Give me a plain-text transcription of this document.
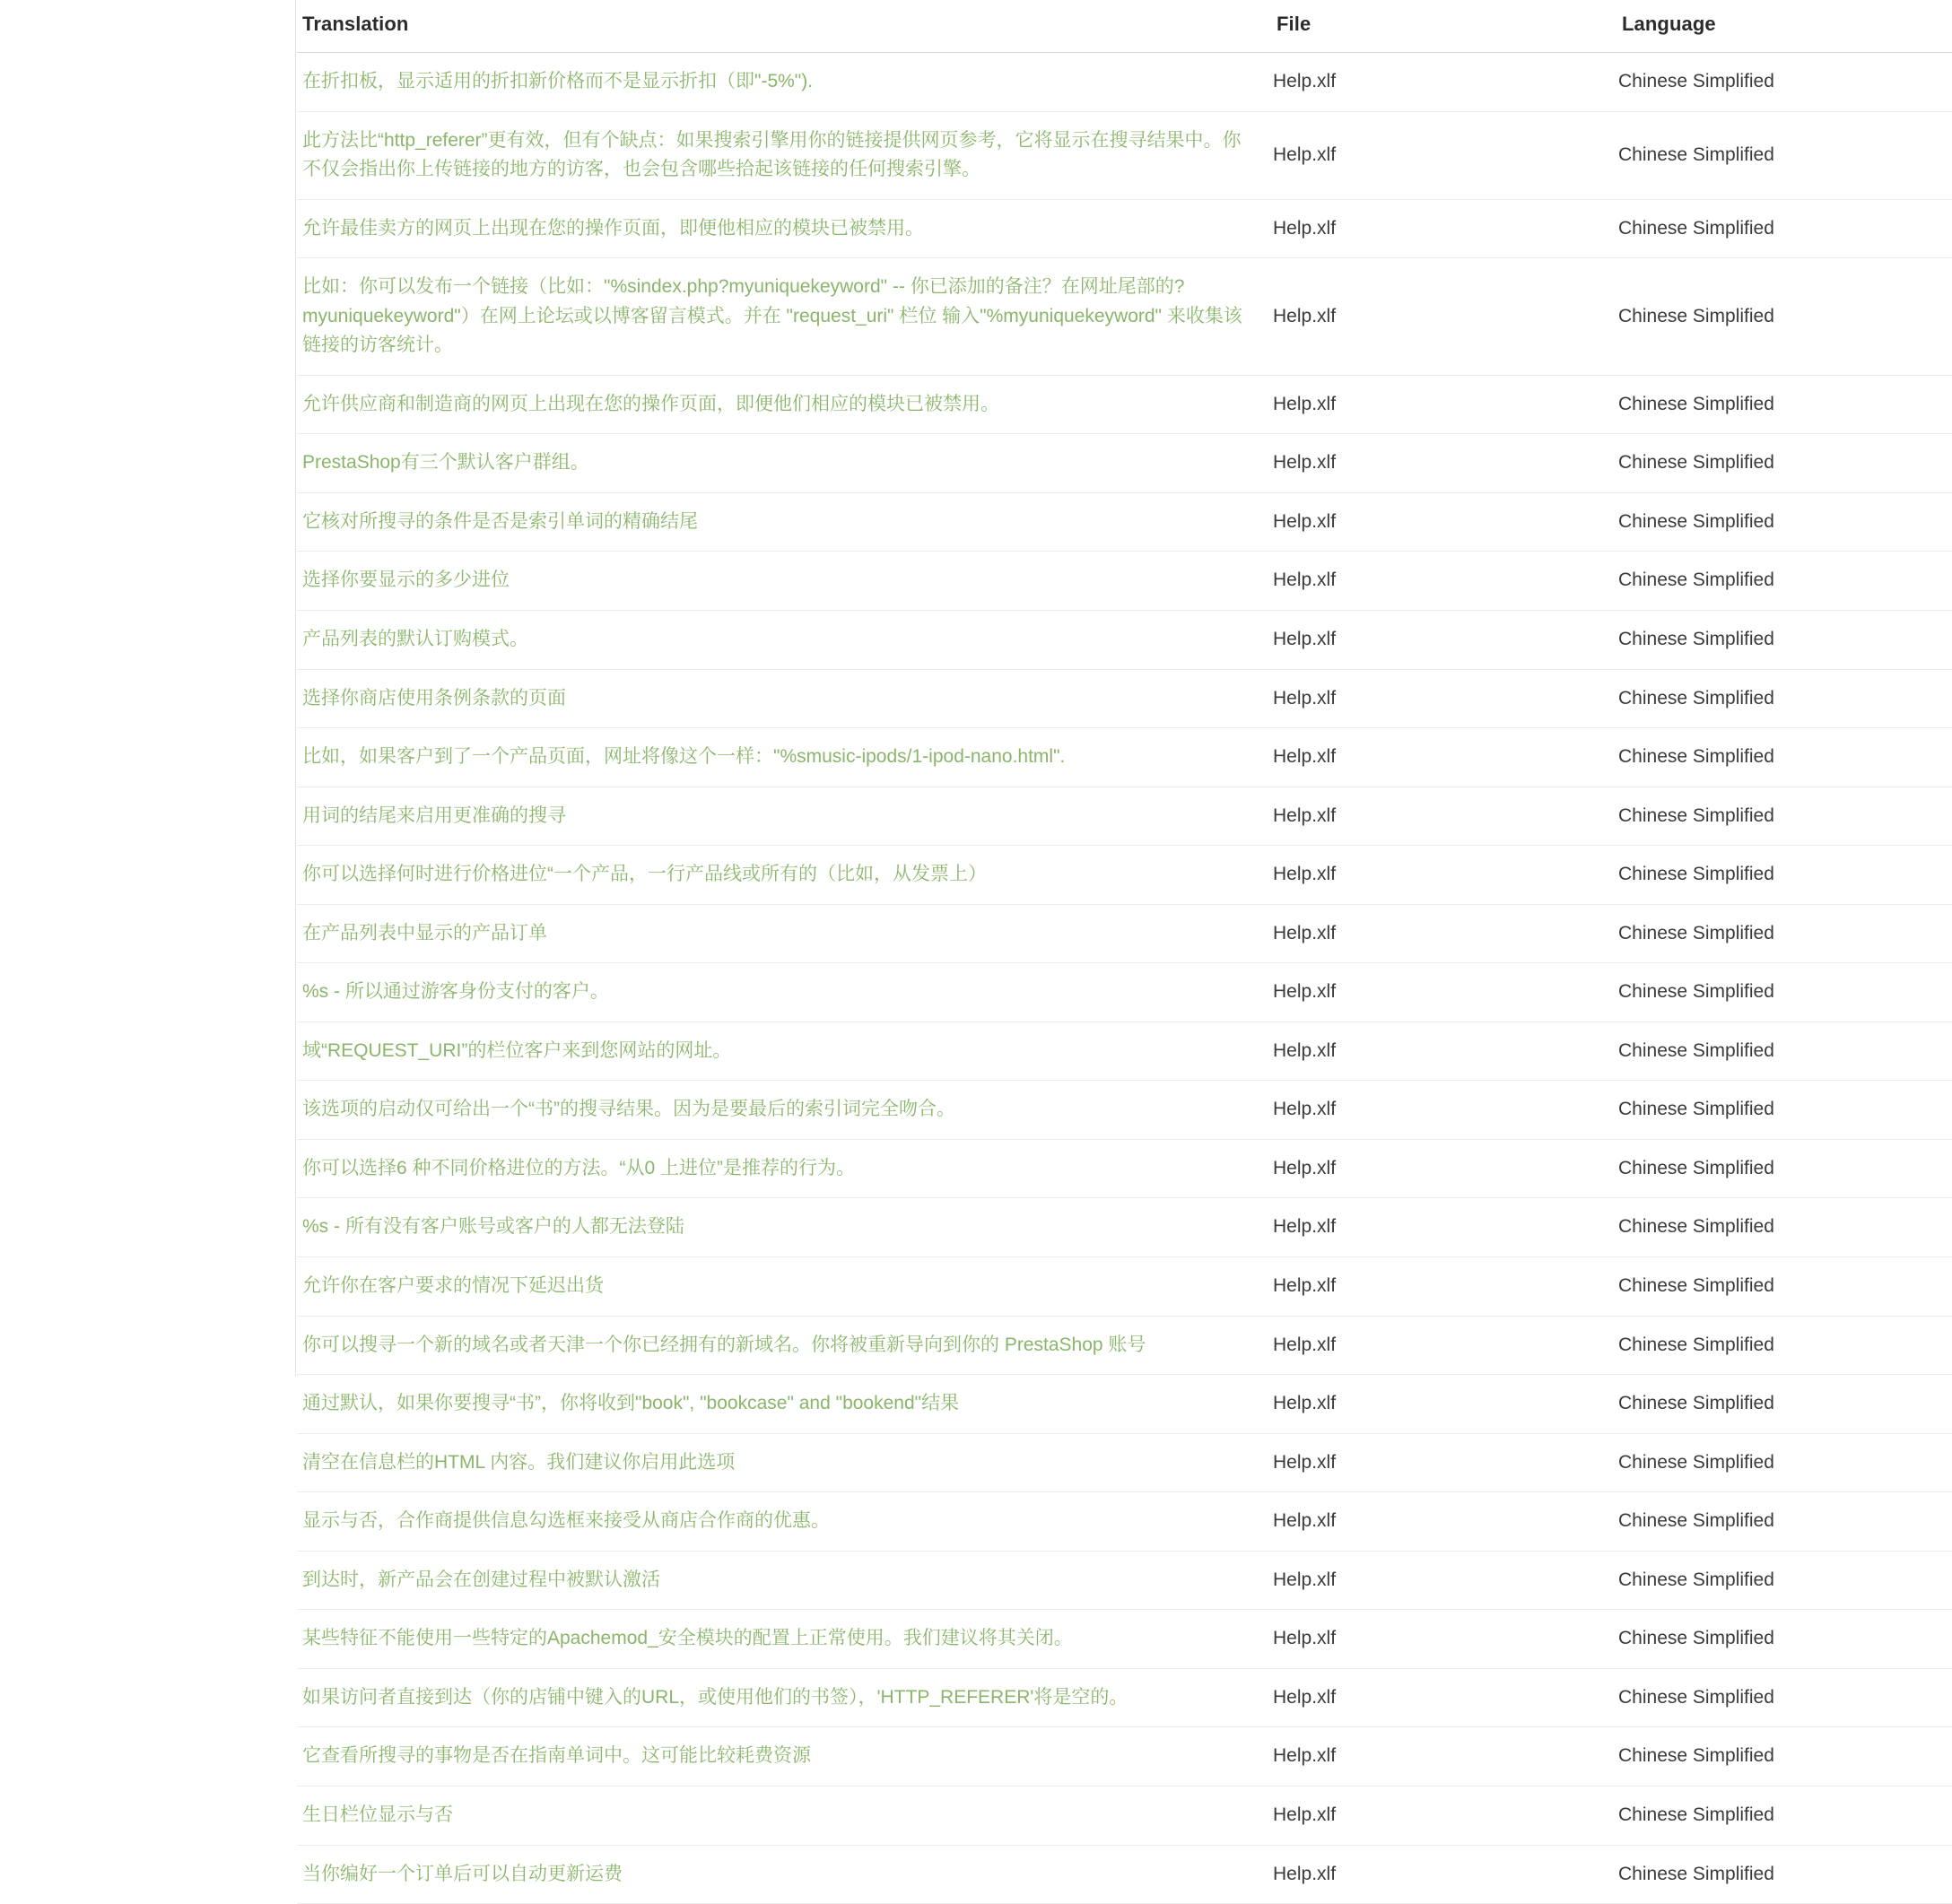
Translation	File	Language
在折扣板，显示适用的折扣新价格而不是显示折扣（即"-5%").	Help.xlf	Chinese Simplified
此方法比“http_referer”更有效，但有个缺点：如果搜索引擎用你的链接提供网页参考，它将显示在搜寻结果中。你不仅会指出你上传链接的地方的访客，也会包含哪些拾起该链接的任何搜索引擎。	Help.xlf	Chinese Simplified
允许最佳卖方的网页上出现在您的操作页面，即便他相应的模块已被禁用。	Help.xlf	Chinese Simplified
比如：你可以发布一个链接（比如："%sindex.php?myuniquekeyword" -- 你已添加的备注？在网址尾部的?myuniquekeyword"）在网上论坛或以博客留言模式。并在 "request_uri" 栏位 输入"%myuniquekeyword" 来收集该链接的访客统计。	Help.xlf	Chinese Simplified
允许供应商和制造商的网页上出现在您的操作页面，即便他们相应的模块已被禁用。	Help.xlf	Chinese Simplified
PrestaShop有三个默认客户群组。	Help.xlf	Chinese Simplified
它核对所搜寻的条件是否是索引单词的精确结尾	Help.xlf	Chinese Simplified
选择你要显示的多少进位	Help.xlf	Chinese Simplified
产品列表的默认订购模式。	Help.xlf	Chinese Simplified
选择你商店使用条例条款的页面	Help.xlf	Chinese Simplified
比如，如果客户到了一个产品页面，网址将像这个一样："%smusic-ipods/1-ipod-nano.html".	Help.xlf	Chinese Simplified
用词的结尾来启用更准确的搜寻	Help.xlf	Chinese Simplified
你可以选择何时进行价格进位“一个产品，一行产品线或所有的（比如，从发票上）	Help.xlf	Chinese Simplified
在产品列表中显示的产品订单	Help.xlf	Chinese Simplified
%s - 所以通过游客身份支付的客户。	Help.xlf	Chinese Simplified
域“REQUEST_URI”的栏位客户来到您网站的网址。	Help.xlf	Chinese Simplified
该选项的启动仅可给出一个“书”的搜寻结果。因为是要最后的索引词完全吻合。	Help.xlf	Chinese Simplified
你可以选择6 种不同价格进位的方法。“从0 上进位”是推荐的行为。	Help.xlf	Chinese Simplified
%s - 所有没有客户账号或客户的人都无法登陆	Help.xlf	Chinese Simplified
允许你在客户要求的情况下延迟出货	Help.xlf	Chinese Simplified
你可以搜寻一个新的域名或者天津一个你已经拥有的新域名。你将被重新导向到你的 PrestaShop 账号	Help.xlf	Chinese Simplified
通过默认，如果你要搜寻“书”，你将收到"book", "bookcase" and "bookend"结果	Help.xlf	Chinese Simplified
清空在信息栏的HTML 内容。我们建议你启用此选项	Help.xlf	Chinese Simplified
显示与否，合作商提供信息勾选框来接受从商店合作商的优惠。	Help.xlf	Chinese Simplified
到达时，新产品会在创建过程中被默认激活	Help.xlf	Chinese Simplified
某些特征不能使用一些特定的Apachemod_安全模块的配置上正常使用。我们建议将其关闭。	Help.xlf	Chinese Simplified
如果访问者直接到达（你的店铺中键入的URL，或使用他们的书签），'HTTP_REFERER'将是空的。	Help.xlf	Chinese Simplified
它查看所搜寻的事物是否在指南单词中。这可能比较耗费资源	Help.xlf	Chinese Simplified
生日栏位显示与否	Help.xlf	Chinese Simplified
当你编好一个订单后可以自动更新运费	Help.xlf	Chinese Simplified
